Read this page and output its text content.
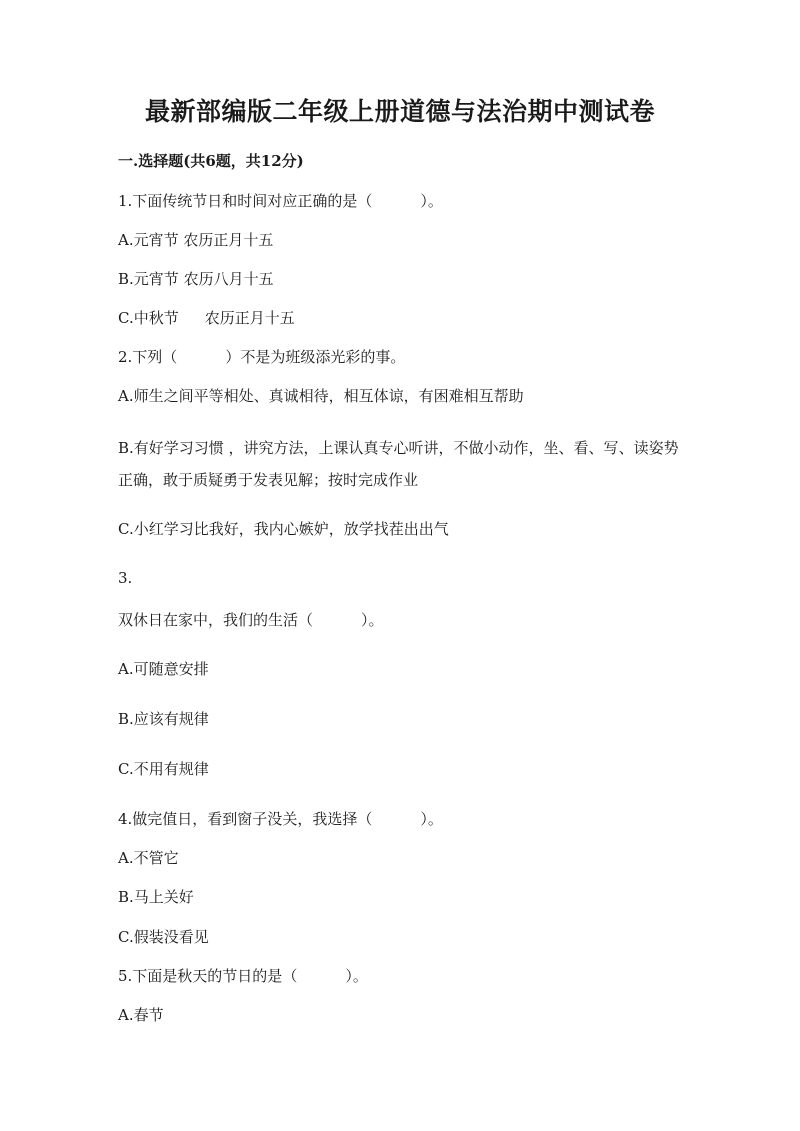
最新部编版二年级上册道德与法治期中测试卷
一.选择题(共6题，共12分)
1.下面传统节日和时间对应正确的是（	）。
A.元宵节 农历正月十五
B.元宵节 农历八月十五
C.中秋节 农历正月十五
2.下列（	）不是为班级添光彩的事。
A.师生之间平等相处、真诚相待，相互体谅，有困难相互帮助
B.有好学习习惯 ，讲究方法，上课认真专心听讲，不做小动作，坐、看、写、读姿势正确，敢于质疑勇于发表见解；按时完成作业
C.小红学习比我好，我内心嫉妒，放学找茬出出气
3.
双休日在家中，我们的生活（	）。
A.可随意安排
B.应该有规律
C.不用有规律
4.做完值日，看到窗子没关，我选择（	）。
A.不管它
B.马上关好
C.假装没看见
5.下面是秋天的节日的是（	）。
A.春节
